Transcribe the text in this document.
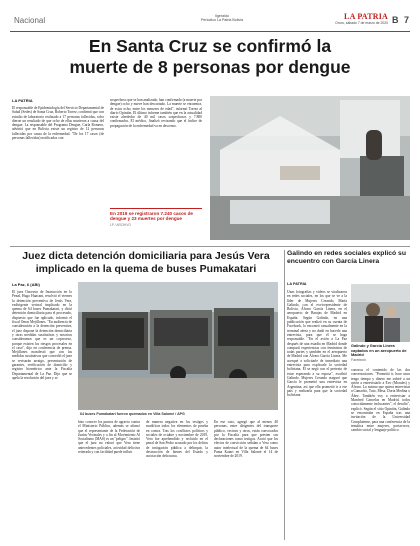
Nacional	Ilgeraldo
Periodico La Patria Bolivia	LA PATRIA
Oruro, sábado 7 de marzo de 2020 B 7
En Santa Cruz se confirmó la
muerte de 8 personas por dengue
LA PATRIA

El responsable de Epidemiología del Servicio Departamental de Salud (Sedes) de Santa Cruz, Roberto Torrez, confirmó que con estudio de laboratorio realizado a 17 personas fallecidas, ocho dieron un resultado de que ocho de ellas murieron a causa del dengue. La responsable del Programa Dengue, Carla Romero, advirtió que en Bolivia existe un registro de 12 personas fallecidas por causa de la enfermedad. "De los 17 casos (de personas fallecidas) notificados con

sospechoso que se han analizado, han confirmado (a muerte por dengue) ocho y nueve han descartado. La muerte se encuentra, de estos ocho, entre los menores de edad", informó Torrez al diario Opinión. El último informe también que en la actualidad existe alrededor de 40 mil casos sospechosos y 7.800 confirmados. El médico, finalizó revisando que el índice de propagación de la enfermedad va en descenso.

En 2019 se registraron 7.240 casos de dengue y 23 muertes por dengue
LP / ARCHIVO
Juez dicta detención domiciliaria para Jesús Vera
implicado en la quema de buses Pumakatari
La Paz, 6 (ABI)

El juez Onceavo de Instrucción en lo Penal, Hugo Huacani, resolvió el viernes la detención preventiva de Jesús Vera, exdirigente vecinal implicado en la quema de 64 buses Pumakatari, y dictó detención domiciliaria para el procesado, dispuesto que fue aplicado, informó el fiscal Omar Mejillones. "En audiencia de consideración a la detención preventiva, el juez dispone la detención domiciliaria y otras medidas sustitutivas y nosotros consideramos que es un coproceso, porque existen los riesgos procesales en el caso", dijo en conferencia de prensa. Mejillones manifestó que con las medidas sustitutivas que concedió el juez se revisarán arraigo, presentación de garantes, verificación de domicilio y registro biométrico ante la Fiscalía Departamental de La Paz. Dijo que se apela la resolución del juez y se

64 buses Pumakatari fueron quemados en Villa Salomé / APG

hizo conocer los puntos de agravio contra el Ministerio Público, además se afirmó que el representante de la Federación de Juntas Vecinales y a fin al Movimiento Al Socialismo (MAS) es un "peligro". Insistió que el juez no valoró que Vera tiene antecedentes policiales, actividad delictiva reiterada y con facilidad puede influir

de manera negativa en los testigos y modificar todos los elementos de prueba en contra. Tras los conflictos políticos y sociales de octubre y noviembre de 2019, Vera fue aprehendido y recluido en el penal de San Pedro acusado por los delitos de instigación pública a delinquir, la destrucción de bienes del Estado y asociación delictuosa.

En ese caso, agregó que al menos 40 personas, entre dirigentes del transporte público, vecinos y otros, están convocados por la Fiscalía para que presten sus declaraciones como testigos. Acotó que los efectos de convicción señalan a Vera como autor intelectual de la quema de 64 buses Puma Katari en Villa Salomé el 14 de noviembre de 2019.

Galindo en redes sociales explicó su encuentro con García Linera
LA PATRIA

Unas fotografías y videos se viralizaron en redes sociales, en los que se ve a la líder de Mujeres Creando, María Galindo, con el exvicepresidente de Bolivia, Álvaro García Linera, en el aeropuerto de Barajas de Madrid en España. Según Galindo, en una publicación que realizó en su cuenta de Facebook, lo encontró casualmente en la terminal aérea y no dudó en hacerle una entrevista, para que él se haga responsable. "En el avión a La Paz después de una estadía en Madrid donde compartí experiencias con feministas de todas partes y también en el aeropuerto de Madrid con Álvaro García Linera. Me acerqué a solicitarle de inmediato una entrevista para explicarle la sociedad boliviana. El se negó con el pretexto de estar esperando a su esposa", escribió Galindo. Mujeres Creando aseguró que García le prometió una entrevista en Argentina, así que ella prometió ir a ese país y realizarla para que la sociedad boliviana

Galindo y García Linera captados en un aeropuerto de Madrid
Facebook

conozca el contenido de las dos conversaciones. "Prometió ir, hace unos tengo tiempo y dinero me subiré a un avión a entrevistarlo a Evo (Morales) y Álvaro. Lo mismo que quiera entrevistar a Camacho, Tuto, Mesa, Doria Medina o Áñez. También voy a entrevistar a Manfred Cancelas en Madrid, todos conocidamente inclucantes", el desafío", explicó. Según el sitio Opinión, Galindo se encontraba en España tras una invitación de la Universidad Complutense, para una conferencia de la temática entre mujeres, portavoces, cambio social y lenguaje político.
